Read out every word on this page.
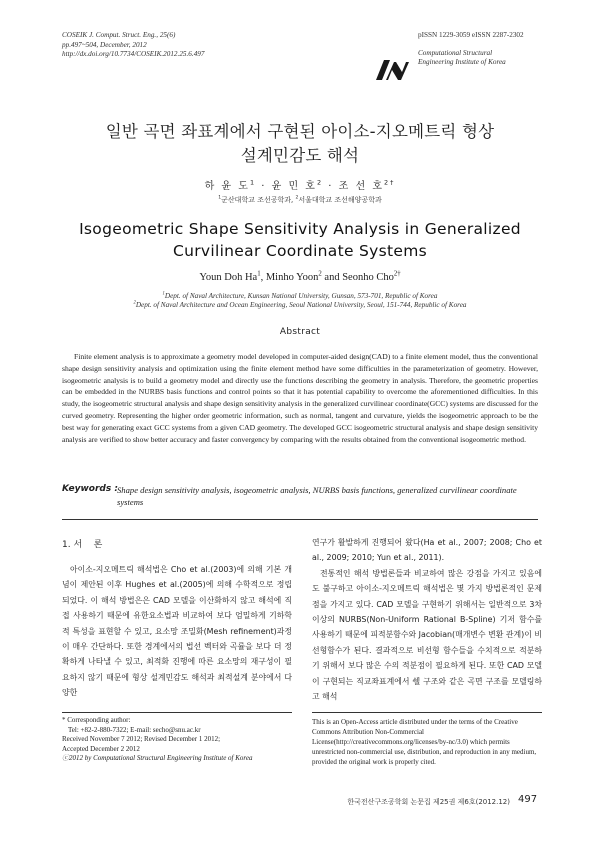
COSEIK J. Comput. Struct. Eng., 25(6)
pp.497~504, December, 2012
http://dx.doi.org/10.7734/COSEIK.2012.25.6.497
pISSN 1229-3059 eISSN 2287-2302
Computational Structural
Engineering Institute of Korea
일반 곡면 좌표계에서 구현된 아이소-지오메트릭 형상
설계민감도 해석
하 윤 도$^1$ · 윤 민 호$^2$ · 조 선 호$^{2\dagger}$
$^1$군산대학교 조선공학과, $^2$서울대학교 조선해양공학과
Isogeometric Shape Sensitivity Analysis in Generalized
Curvilinear Coordinate Systems
Youn Doh Ha$^1$, Minho Yoon$^2$ and Seonho Cho$^{2\dagger}$
$^1$Dept. of Naval Architecture, Kunsan National University, Gunsan, 573-701, Republic of Korea
$^2$Dept. of Naval Architecture and Ocean Engineering, Seoul National University, Seoul, 151-744, Republic of Korea
Abstract
Finite element analysis is to approximate a geometry model developed in computer-aided design(CAD) to a finite element model, thus the conventional shape design sensitivity analysis and optimization using the finite element method have some difficulties in the parameterization of geometry. However, isogeometric analysis is to build a geometry model and directly use the functions describing the geometry in analysis. Therefore, the geometric properties can be embedded in the NURBS basis functions and control points so that it has potential capability to overcome the aforementioned difficulties. In this study, the isogeometric structural analysis and shape design sensitivity analysis in the generalized curvilinear coordinate(GCC) systems are discussed for the curved geometry. Representing the higher order geometric information, such as normal, tangent and curvature, yields the isogeometric approach to be the best way for generating exact GCC systems from a given CAD geometry. The developed GCC isogeometric structural analysis and shape design sensitivity analysis are verified to show better accuracy and faster convergency by comparing with the results obtained from the conventional isogeometric method.
Keywords : Shape design sensitivity analysis, isogeometric analysis, NURBS basis functions, generalized curvilinear coordinate systems
1. 서    론
아이소-지오메트릭 해석법은 Cho et al.(2003)에 의해 기본 개념이 제안된 이후 Hughes et al.(2005)에 의해 수학적으로 정립되었다. 이 해석 방법은은 CAD 모델을 이산화하지 않고 해석에 직접 사용하기 때문에 유한요소법과 비교하여 보다 엄밀하게 기하학적 특성을 표현할 수 있고, 요소망 조밀화(Mesh refinement)과정이 매우 간단하다. 또한 경계에서의 법선 벡터와 곡률을 보다 더 정확하게 나타낼 수 있고, 최적화 진행에 따른 요소망의 재구성이 필요하지 않기 때문에 형상 설계민감도 해석과 최적설계 분야에서 다양한
연구가 활발하게 진행되어 왔다(Ha et al., 2007; 2008; Cho et al., 2009; 2010; Yun et al., 2011).
전통적인 해석 방법론들과 비교하여 많은 강점을 가지고 있음에도 불구하고 아이소-지오메트릭 해석법은 몇 가지 방법론적인 문제점을 가지고 있다. CAD 모델을 구현하기 위해서는 일반적으로 3차 이상의 NURBS(Non-Uniform Rational B-Spline) 기저 함수를 사용하기 때문에 피적분함수와 Jacobian(매개변수 변환 관계)이 비선형함수가 된다. 결과적으로 비선형 함수들을 수치적으로 적분하기 위해서 보다 많은 수의 적분점이 필요하게 된다. 또한 CAD 모델이 구현되는 직교좌표계에서 쉘 구조와 같은 곡면 구조를 모델링하고 해석
* Corresponding author:
Tel: +82-2-880-7322; E-mail: secho@snu.ac.kr
Received November 7 2012; Revised December 1 2012;
Accepted December 2 2012
ⓒ2012 by Computational Structural Engineering Institute of Korea
This is an Open-Access article distributed under the terms of the Creative Commons Attribution Non-Commercial License(http://creativecommons.org/licenses/by-nc/3.0) which permits unrestricted non-commercial use, distribution, and reproduction in any medium, provided the original work is properly cited.
한국전산구조공학회 논문집 제25권 제6호(2012.12) 497
